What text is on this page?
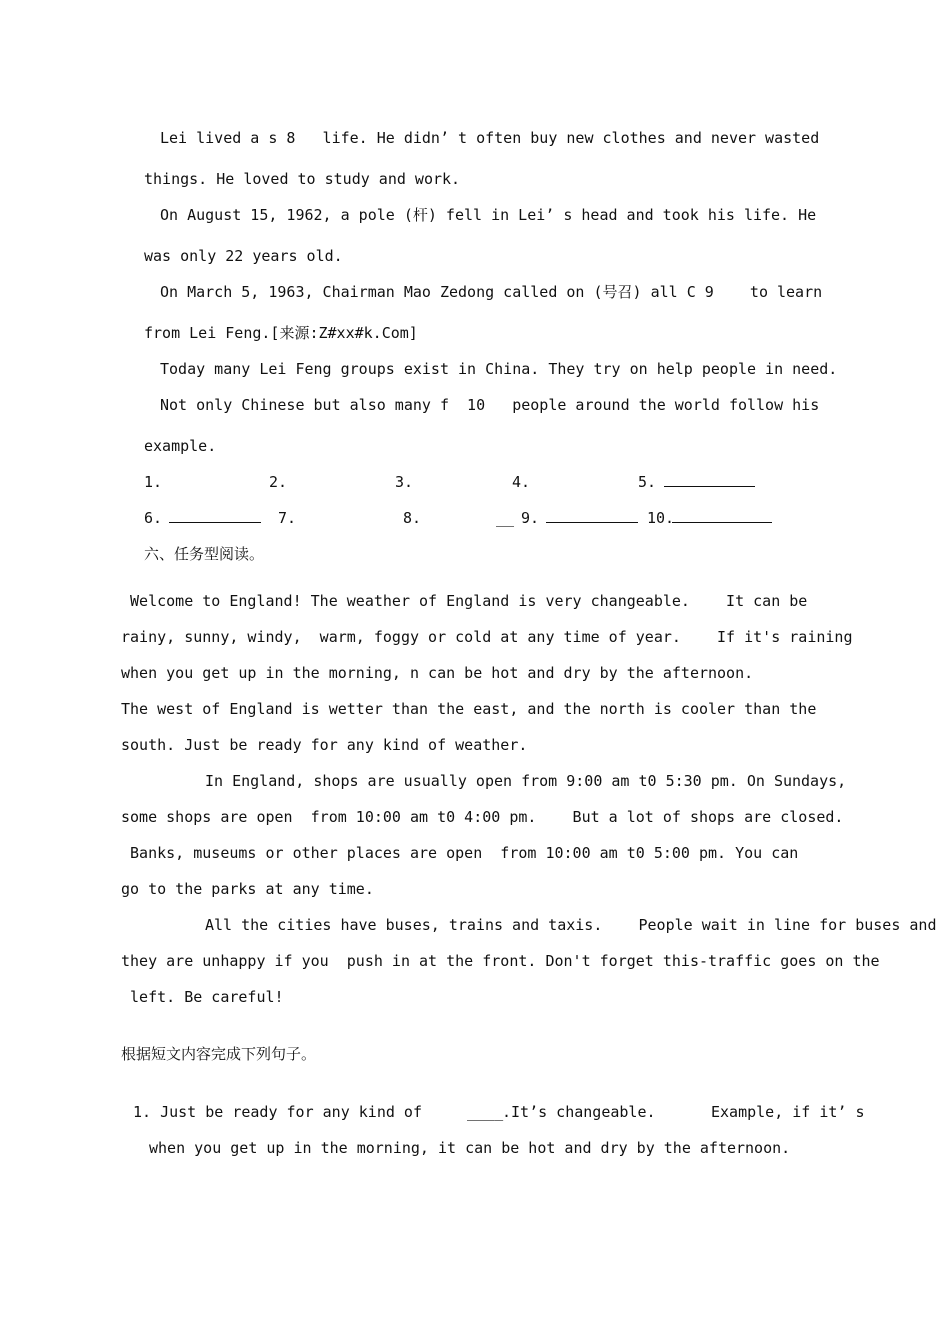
Lei lived a s 8   life. He didn’ t often buy new clothes and never wasted
things. He loved to study and work.
On August 15, 1962, a pole (杆) fell in Lei’ s head and took his life. He
was only 22 years old.
On March 5, 1963, Chairman Mao Zedong called on (号召) all C 9    to learn
from Lei Feng.[来源:Z#xx#k.Com]
Today many Lei Feng groups exist in China. They try on help people in need.
Not only Chinese but also many f  10   people around the world follow his
example.
1.	2.	3.	4.	5.
6.	7.	8.	__ 9.	10.
六、任务型阅读。
Welcome to England! The weather of England is very changeable.    It can be
rainy, sunny, windy,  warm, foggy or cold at any time of year.    If it's raining
when you get up in the morning, n can be hot and dry by the afternoon.
The west of England is wetter than the east, and the north is cooler than the
south. Just be ready for any kind of weather.
In England, shops are usually open from 9:00 am t0 5:30 pm. On Sundays,
some shops are open  from 10:00 am t0 4:00 pm.    But a lot of shops are closed.
Banks, museums or other places are open  from 10:00 am t0 5:00 pm. You can
go to the parks at any time.
All the cities have buses, trains and taxis.    People wait in line for buses and
they are unhappy if you  push in at the front. Don't forget this-traffic goes on the
left. Be careful!
根据短文内容完成下列句子。
1. Just be ready for any kind of	____
.It’s changeable.	Example, if it’ s
when you get up in the morning, it can be hot and dry by the afternoon.
